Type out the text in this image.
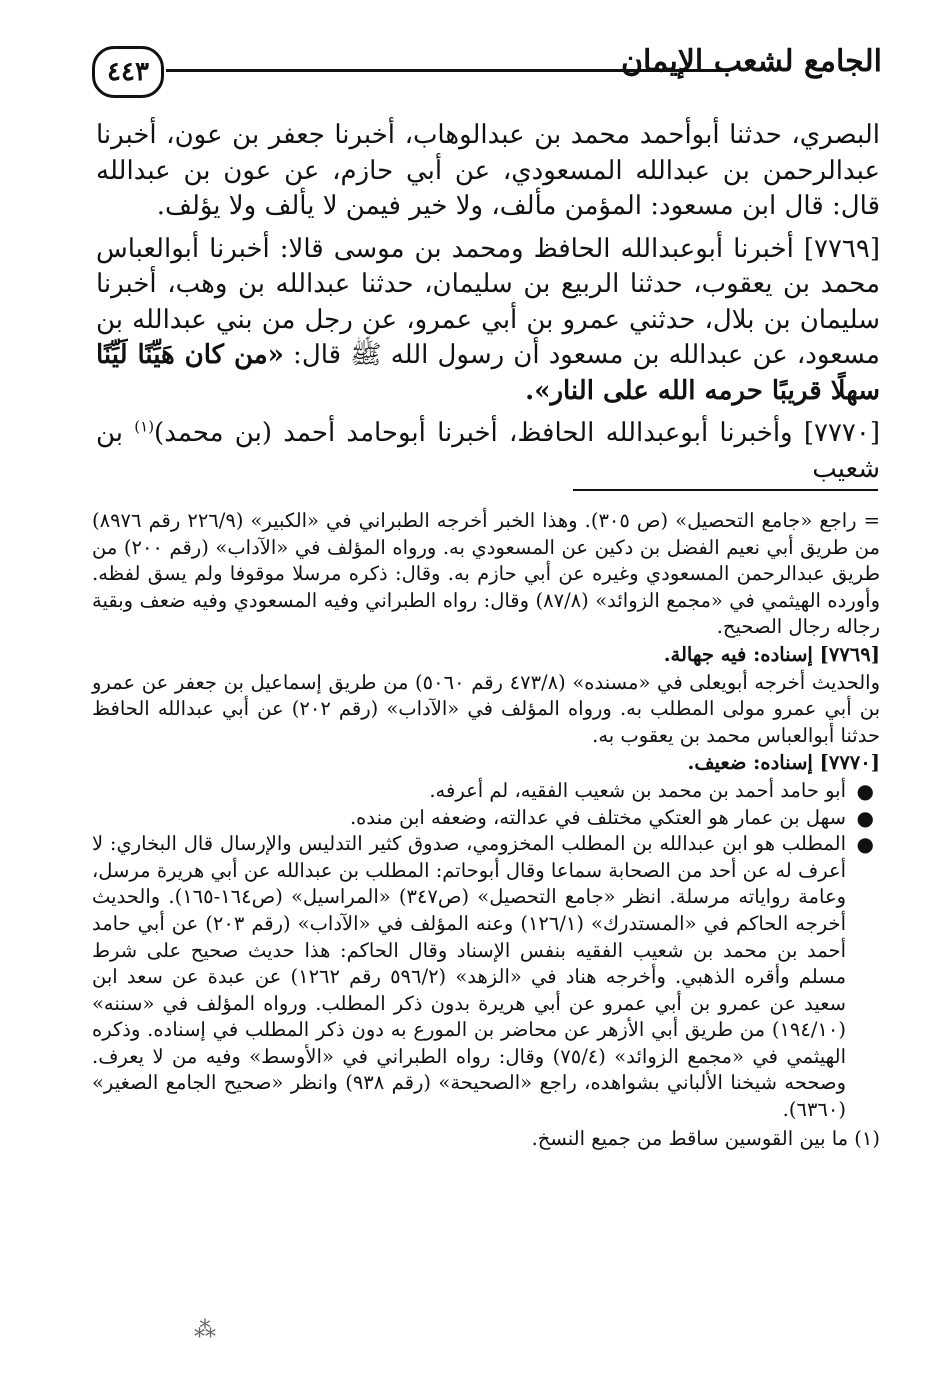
٤٤٣	الجامع لشعب الإيمان

البصري، حدثنا أبوأحمد محمد بن عبدالوهاب، أخبرنا جعفر بن عون، أخبرنا عبدالرحمن بن عبدالله المسعودي، عن أبي حازم، عن عون بن عبدالله قال: قال ابن مسعود: المؤمن مألف، ولا خير فيمن لا يألف ولا يؤلف.

[٧٧٦٩] أخبرنا أبوعبدالله الحافظ ومحمد بن موسى قالا: أخبرنا أبوالعباس محمد بن يعقوب، حدثنا الربيع بن سليمان، حدثنا عبدالله بن وهب، أخبرنا سليمان بن بلال، حدثني عمرو بن أبي عمرو، عن رجل من بني عبدالله بن مسعود، عن عبدالله بن مسعود أن رسول الله ﷺ قال: «من كان هَيِّنًا لَيِّنًا سهلًا قريبًا حرمه الله على النار».

[٧٧٧٠] وأخبرنا أبوعبدالله الحافظ، أخبرنا أبوحامد أحمد (بن محمد)$^{(١)}$ بن شعيب

= راجع «جامع التحصيل» (ص ٣٠٥). وهذا الخبر أخرجه الطبراني في «الكبير» (٢٢٦/٩ رقم ٨٩٧٦) من طريق أبي نعيم الفضل بن دكين عن المسعودي به. ورواه المؤلف في «الآداب» (رقم ٢٠٠) من طريق عبدالرحمن المسعودي وغيره عن أبي حازم به. وقال: ذكره مرسلا موقوفا ولم يسق لفظه. وأورده الهيثمي في «مجمع الزوائد» (٨٧/٨) وقال: رواه الطبراني وفيه المسعودي وفيه ضعف وبقية رجاله رجال الصحيح.

[٧٧٦٩] إسناده: فيه جهالة.

والحديث أخرجه أبويعلى في «مسنده» (٤٧٣/٨ رقم ٥٠٦٠) من طريق إسماعيل بن جعفر عن عمرو بن أبي عمرو مولى المطلب به. ورواه المؤلف في «الآداب» (رقم ٢٠٢) عن أبي عبدالله الحافظ حدثنا أبوالعباس محمد بن يعقوب به.

[٧٧٧٠] إسناده: ضعيف.

●
أبو حامد أحمد بن محمد بن شعيب الفقيه، لم أعرفه.
●
سهل بن عمار هو العتكي مختلف في عدالته، وضعفه ابن منده.
●
المطلب هو ابن عبدالله بن المطلب المخزومي، صدوق كثير التدليس والإرسال قال البخاري: لا أعرف له عن أحد من الصحابة سماعا وقال أبوحاتم: المطلب بن عبدالله عن أبي هريرة مرسل، وعامة رواياته مرسلة. انظر «جامع التحصيل» (ص٣٤٧) «المراسيل» (ص١٦٤-١٦٥). والحديث أخرجه الحاكم في «المستدرك» (١٢٦/١) وعنه المؤلف في «الآداب» (رقم ٢٠٣) عن أبي حامد أحمد بن محمد بن شعيب الفقيه بنفس الإسناد وقال الحاكم: هذا حديث صحيح على شرط مسلم وأقره الذهبي. وأخرجه هناد في «الزهد» (٥٩٦/٢ رقم ١٢٦٢) عن عبدة عن سعد ابن سعيد عن عمرو بن أبي عمرو عن أبي هريرة بدون ذكر المطلب. ورواه المؤلف في «سننه» (١٩٤/١٠) من طريق أبي الأزهر عن محاضر بن المورع به دون ذكر المطلب في إسناده. وذكره الهيثمي في «مجمع الزوائد» (٧٥/٤) وقال: رواه الطبراني في «الأوسط» وفيه من لا يعرف. وصححه شيخنا الألباني بشواهده، راجع «الصحيحة» (رقم ٩٣٨) وانظر «صحيح الجامع الصغير» (٦٣٦٠).

(١) ما بين القوسين ساقط من جميع النسخ.

⁂
